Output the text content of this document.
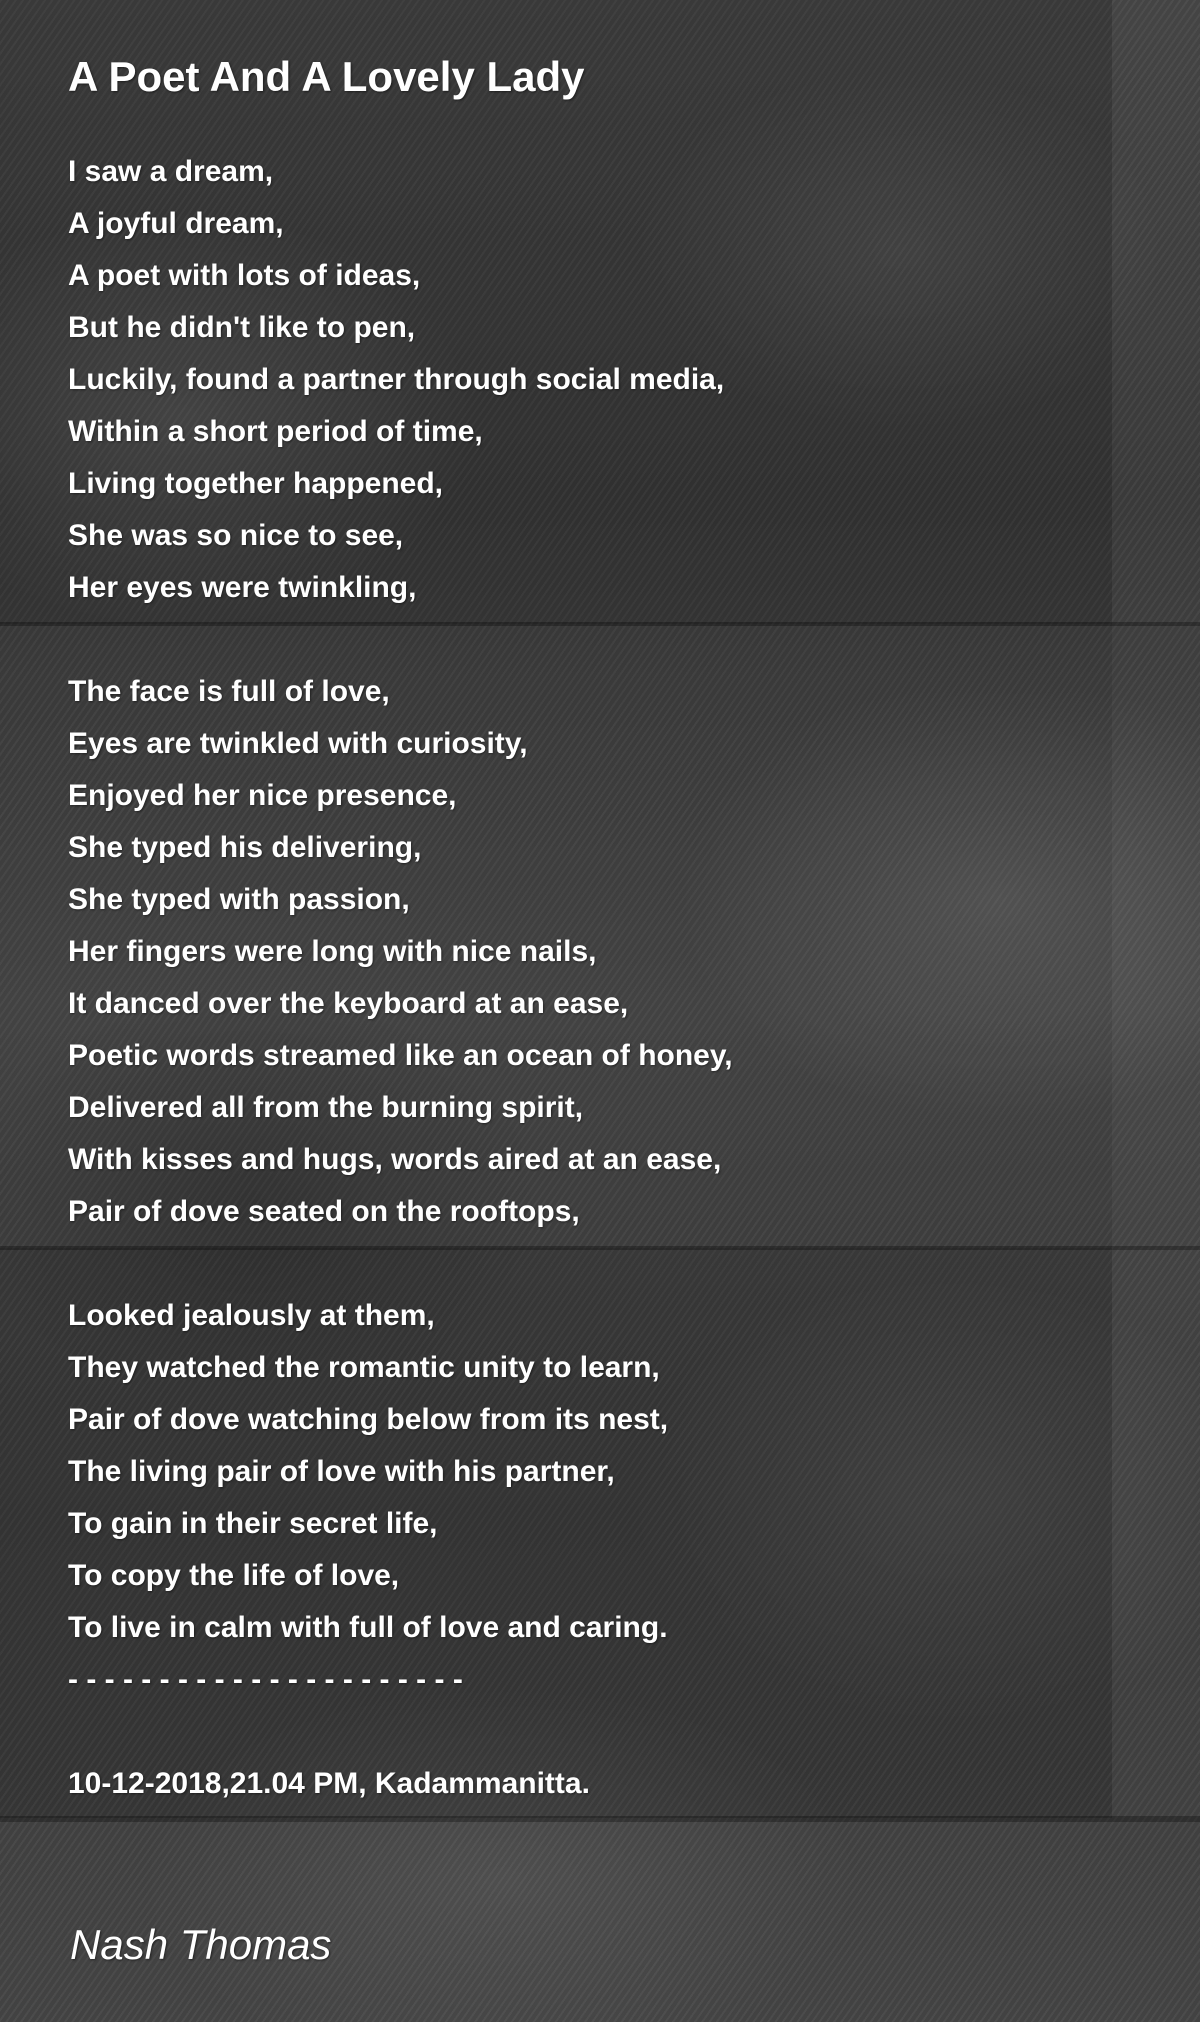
A Poet And A Lovely Lady
I saw a dream,
A joyful dream,
A poet with lots of ideas,
But he didn't like to pen,
Luckily, found a partner through social media,
Within a short period of time,
Living together happened,
She was so nice to see,
Her eyes were twinkling,
The face is full of love,
Eyes are twinkled with curiosity,
Enjoyed her nice presence,
She typed his delivering,
She typed with passion,
Her fingers were long with nice nails,
It danced over the keyboard at an ease,
Poetic words streamed like an ocean of honey,
Delivered all from the burning spirit,
With kisses and hugs, words aired at an ease,
Pair of dove seated on the rooftops,
Looked jealously at them,
They watched the romantic unity to learn,
Pair of dove watching below from its nest,
The living pair of love with his partner,
To gain in their secret life,
To copy the life of love,
To live in calm with full of love and caring.
- - - - - - - - - - - - - - - - - - - - - -
10-12-2018,21.04 PM, Kadammanitta.
Nash Thomas
